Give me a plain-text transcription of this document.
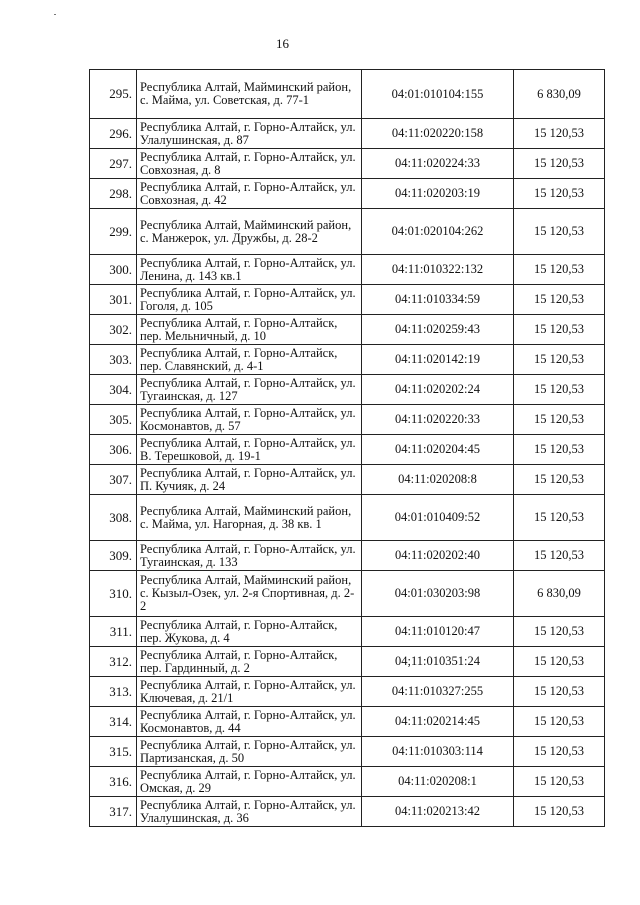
16
295.	Республика Алтай, Майминский район, с. Майма, ул. Советская, д. 77-1	04:01:010104:155	6 830,09
296.	Республика Алтай, г. Горно-Алтайск, ул. Улалушинская, д. 87	04:11:020220:158	15 120,53
297.	Республика Алтай, г. Горно-Алтайск, ул. Совхозная, д. 8	04:11:020224:33	15 120,53
298.	Республика Алтай, г. Горно-Алтайск, ул. Совхозная, д. 42	04:11:020203:19	15 120,53
299.	Республика Алтай, Майминский район, с. Манжерок, ул. Дружбы, д. 28-2	04:01:020104:262	15 120,53
300.	Республика Алтай, г. Горно-Алтайск, ул. Ленина, д. 143 кв.1	04:11:010322:132	15 120,53
301.	Республика Алтай, г. Горно-Алтайск, ул. Гоголя, д. 105	04:11:010334:59	15 120,53
302.	Республика Алтай, г. Горно-Алтайск, пер. Мельничный, д. 10	04:11:020259:43	15 120,53
303.	Республика Алтай, г. Горно-Алтайск, пер. Славянский, д. 4-1	04:11:020142:19	15 120,53
304.	Республика Алтай, г. Горно-Алтайск, ул. Тугаинская, д. 127	04:11:020202:24	15 120,53
305.	Республика Алтай, г. Горно-Алтайск, ул. Космонавтов, д. 57	04:11:020220:33	15 120,53
306.	Республика Алтай, г. Горно-Алтайск, ул. В. Терешковой, д. 19-1	04:11:020204:45	15 120,53
307.	Республика Алтай, г. Горно-Алтайск, ул. П. Кучияк, д. 24	04:11:020208:8	15 120,53
308.	Республика Алтай, Майминский район, с. Майма, ул. Нагорная, д. 38 кв. 1	04:01:010409:52	15 120,53
309.	Республика Алтай, г. Горно-Алтайск, ул. Тугаинская, д. 133	04:11:020202:40	15 120,53
310.	Республика Алтай, Майминский район, с. Кызыл-Озек, ул. 2-я Спортивная, д. 2-2	04:01:030203:98	6 830,09
311.	Республика Алтай, г. Горно-Алтайск, пер. Жукова, д. 4	04:11:010120:47	15 120,53
312.	Республика Алтай, г. Горно-Алтайск, пер. Гардинный, д. 2	04;11:010351:24	15 120,53
313.	Республика Алтай, г. Горно-Алтайск, ул. Ключевая, д. 21/1	04:11:010327:255	15 120,53
314.	Республика Алтай, г. Горно-Алтайск, ул. Космонавтов, д. 44	04:11:020214:45	15 120,53
315.	Республика Алтай, г. Горно-Алтайск, ул. Партизанская, д. 50	04:11:010303:114	15 120,53
316.	Республика Алтай, г. Горно-Алтайск, ул. Омская, д. 29	04:11:020208:1	15 120,53
317.	Республика Алтай, г. Горно-Алтайск, ул. Улалушинская, д. 36	04:11:020213:42	15 120,53
